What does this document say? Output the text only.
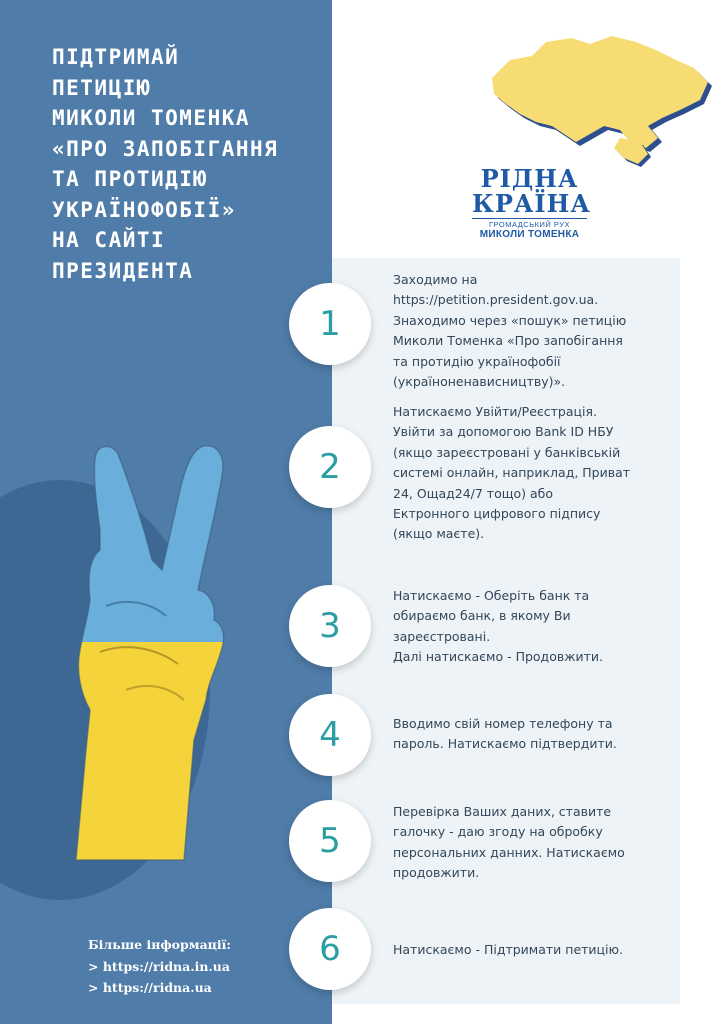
ПІДТРИМАЙ
ПЕТИЦІЮ
МИКОЛИ ТОМЕНКА
«ПРО ЗАПОБІГАННЯ
ТА ПРОТИДІЮ
УКРАЇНОФОБІЇ»
НА САЙТІ
ПРЕЗИДЕНТА
РІДНА
КРАЇНА
ГРОМАДСЬКИЙ РУХ
МИКОЛИ ТОМЕНКА
1
2
3
4
5
6
Заходимо на
https://petition.president.gov.ua.
Знаходимо через «пошук» петицію
Миколи Томенка «Про запобігання
та протидію українофобії
(україноненависництву)».
Натискаємо Увійти/Реєстрація.
Увійти за допомогою Bank ID НБУ
(якщо зареєстровані у банківській
системі онлайн, наприклад, Приват
24, Ощад24/7 тощо) або
Ектронного цифрового підпису
(якщо маєте).
Натискаємо - Оберіть банк та
обираємо банк, в якому Ви
зареєстровані.
Далі натискаємо - Продовжити.
Вводимо свій номер телефону та
пароль. Натискаємо підтвердити.
Перевірка Ваших даних, ставите
галочку - даю згоду на обробку
персональних данних. Натискаємо
продовжити.
Натискаємо - Підтримати петицію.
Більше інформації:
> https://ridna.in.ua
> https://ridna.ua
